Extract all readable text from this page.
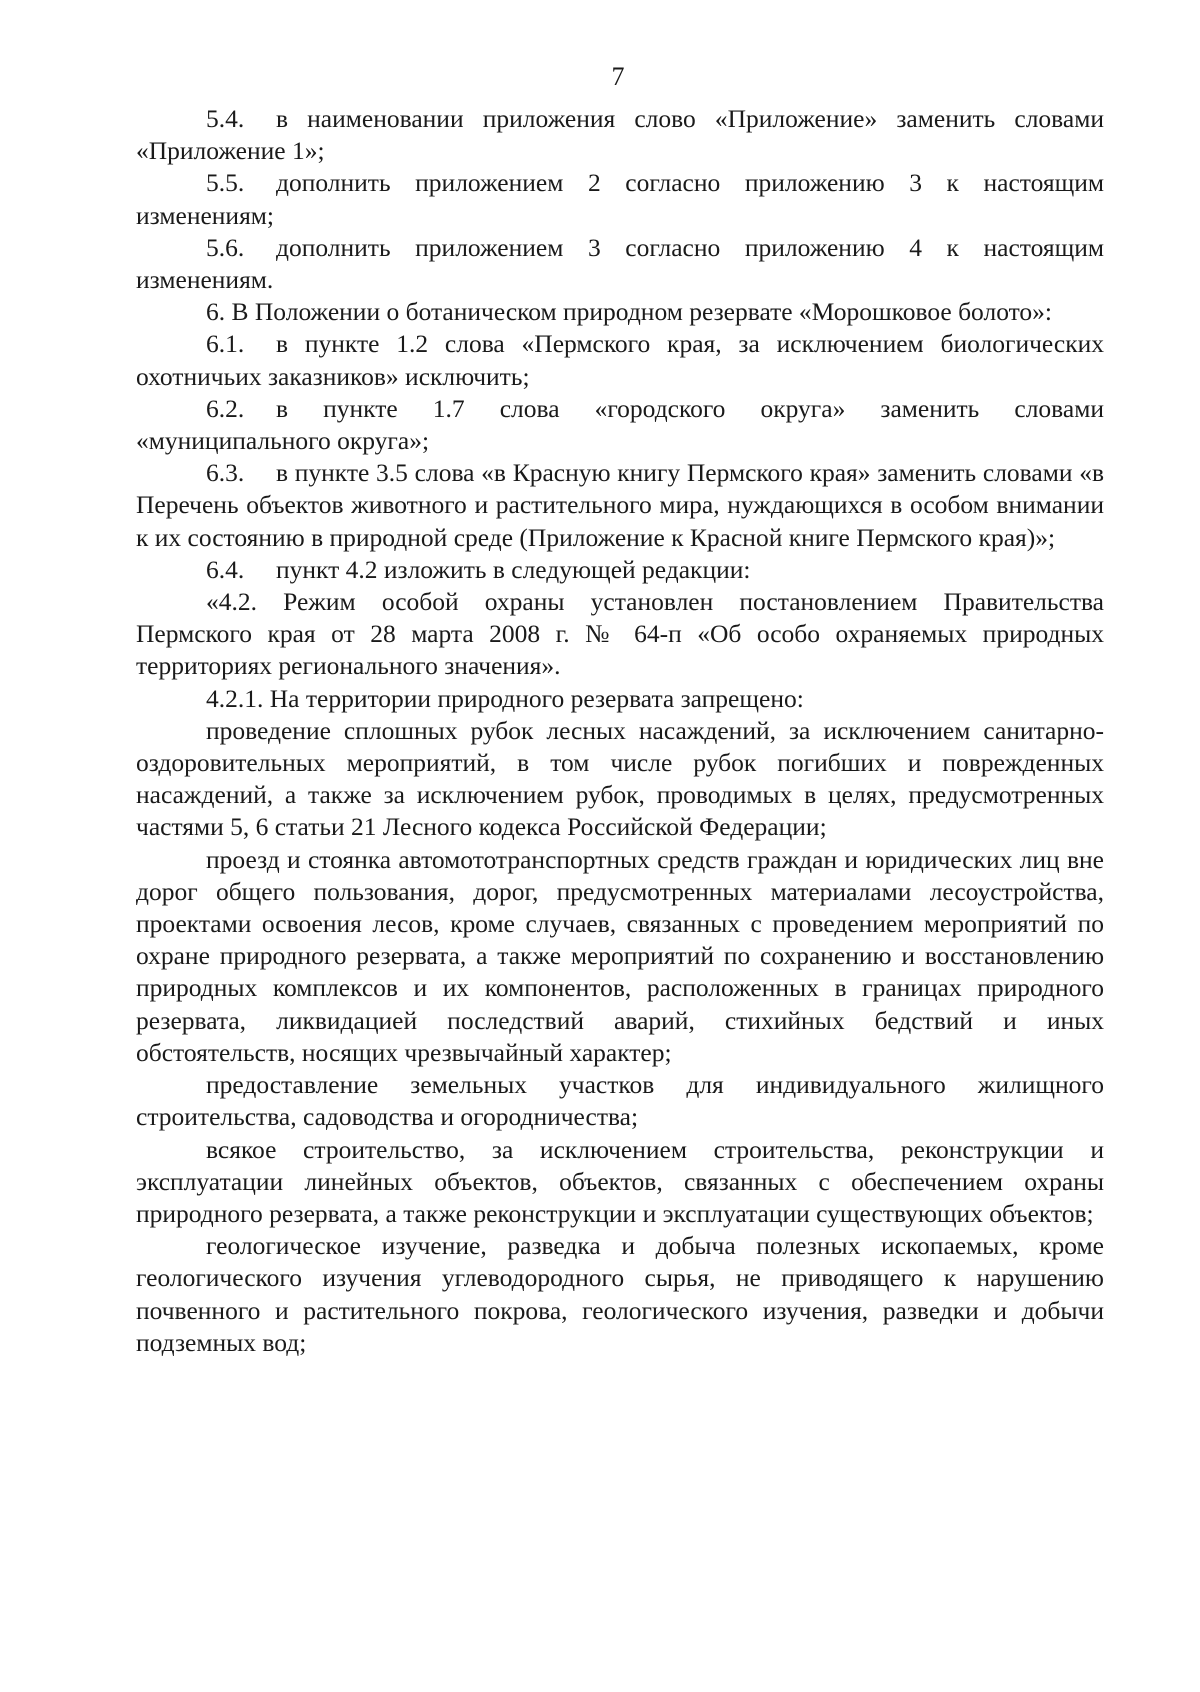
7

5.4. в наименовании приложения слово «Приложение» заменить словами «Приложение 1»;

5.5. дополнить приложением 2 согласно приложению 3 к настоящим изменениям;

5.6. дополнить приложением 3 согласно приложению 4 к настоящим изменениям.

6. В Положении о ботаническом природном резервате «Морошковое болото»:

6.1. в пункте 1.2 слова «Пермского края, за исключением биологических охотничьих заказников» исключить;

6.2. в пункте 1.7 слова «городского округа» заменить словами «муниципального округа»;

6.3. в пункте 3.5 слова «в Красную книгу Пермского края» заменить словами «в Перечень объектов животного и растительного мира, нуждающихся в особом внимании к их состоянию в природной среде (Приложение к Красной книге Пермского края)»;

6.4. пункт 4.2 изложить в следующей редакции:

«4.2. Режим особой охраны установлен постановлением Правительства Пермского края от 28 марта 2008 г. № 64-п «Об особо охраняемых природных территориях регионального значения».

4.2.1. На территории природного резервата запрещено:

проведение сплошных рубок лесных насаждений, за исключением санитарно-оздоровительных мероприятий, в том числе рубок погибших и поврежденных насаждений, а также за исключением рубок, проводимых в целях, предусмотренных частями 5, 6 статьи 21 Лесного кодекса Российской Федерации;

проезд и стоянка автомототранспортных средств граждан и юридических лиц вне дорог общего пользования, дорог, предусмотренных материалами лесоустройства, проектами освоения лесов, кроме случаев, связанных с проведением мероприятий по охране природного резервата, а также мероприятий по сохранению и восстановлению природных комплексов и их компонентов, расположенных в границах природного резервата, ликвидацией последствий аварий, стихийных бедствий и иных обстоятельств, носящих чрезвычайный характер;

предоставление земельных участков для индивидуального жилищного строительства, садоводства и огородничества;

всякое строительство, за исключением строительства, реконструкции и эксплуатации линейных объектов, объектов, связанных с обеспечением охраны природного резервата, а также реконструкции и эксплуатации существующих объектов;

геологическое изучение, разведка и добыча полезных ископаемых, кроме геологического изучения углеводородного сырья, не приводящего к нарушению почвенного и растительного покрова, геологического изучения, разведки и добычи подземных вод;
